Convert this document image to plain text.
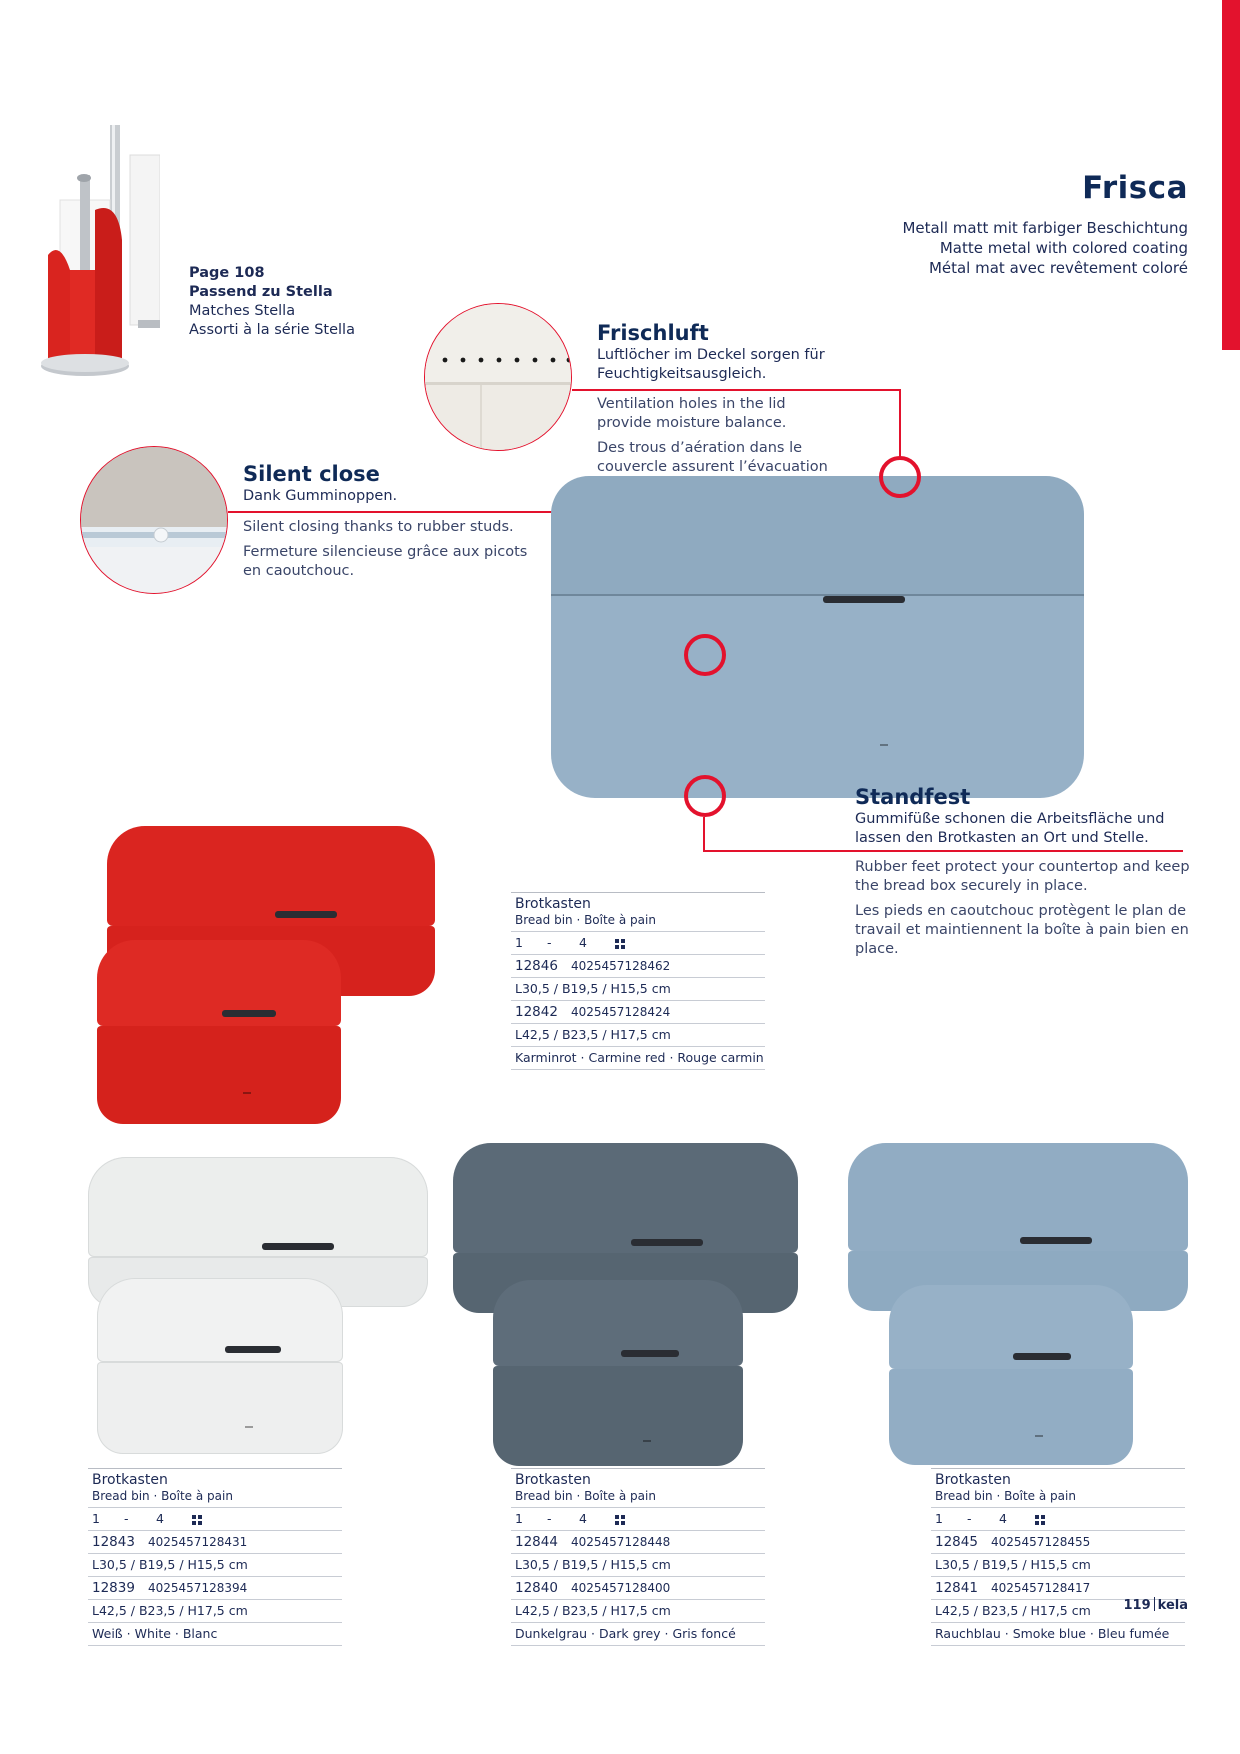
Frisca
Metall matt mit farbiger Beschichtung
Matte metal with colored coating
Métal mat avec revêtement coloré
Page 108
Passend zu Stella
Matches Stella
Assorti à la série Stella	Frischluft
Luftlöcher im Deckel sorgen für Feuchtigkeitsausgleich.

Ventilation holes in the lid provide moisture balance.

Des trous d’aération dans le couvercle assurent l’évacuation

Silent close
Dank Gumminoppen.

Silent closing thanks to rubber studs.

Fermeture silencieuse grâce aux picots en caoutchouc.

Standfest
Gummifüße schonen die Arbeitsfläche und lassen den Brotkasten an Ort und Stelle.

Rubber feet protect your countertop and keep the bread box securely in place.

Les pieds en caoutchouc protègent le plan de travail et maintiennent la boîte à pain bien en place.

Brotkasten
Bread bin · Boîte à pain
1 - 4
12846 4025457128462
L30,5 / B19,5 / H15,5 cm
12842 4025457128424
L42,5 / B23,5 / H17,5 cm
Karminrot · Carmine red · Rouge carmin
Brotkasten
Bread bin · Boîte à pain
1 - 4
12843 4025457128431
L30,5 / B19,5 / H15,5 cm
12839 4025457128394
L42,5 / B23,5 / H17,5 cm
Weiß · White · Blanc
Brotkasten
Bread bin · Boîte à pain
1 - 4
12844 4025457128448
L30,5 / B19,5 / H15,5 cm
12840 4025457128400
L42,5 / B23,5 / H17,5 cm
Dunkelgrau · Dark grey · Gris foncé
Brotkasten
Bread bin · Boîte à pain
1 - 4
12845 4025457128455
L30,5 / B19,5 / H15,5 cm
12841 4025457128417
L42,5 / B23,5 / H17,5 cm
Rauchblau · Smoke blue · Bleu fumée
119 kela
